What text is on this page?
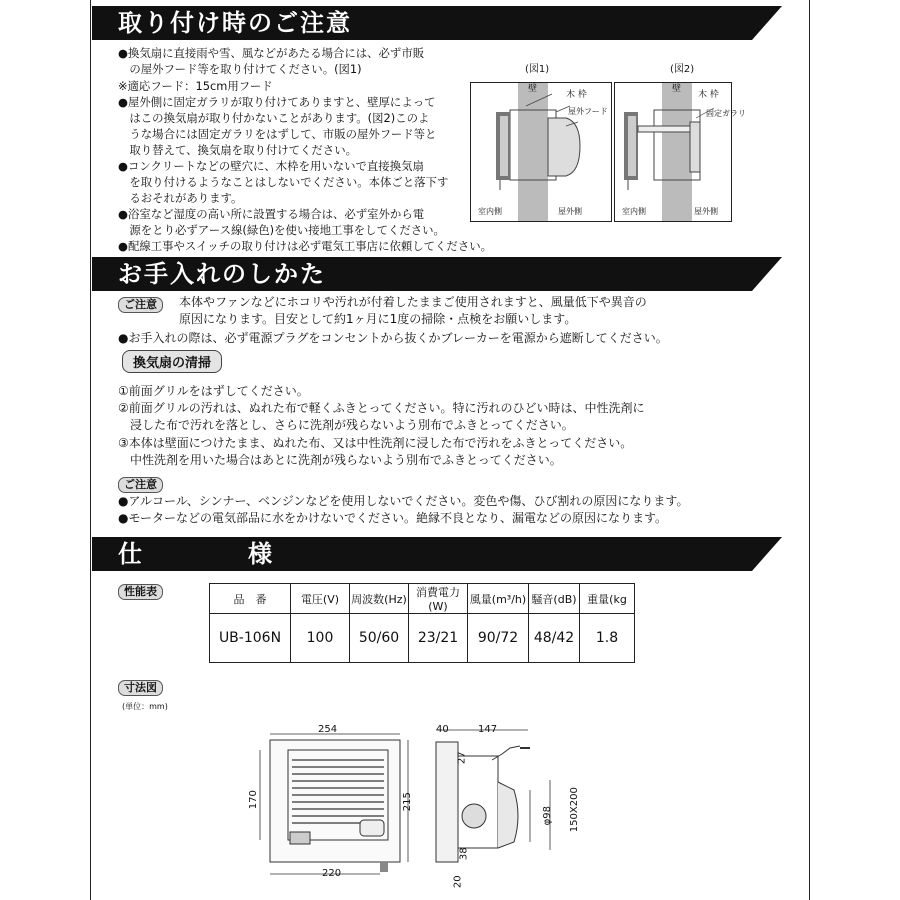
取り付け時のご注意
●換気扇に直接雨や雪、風などがあたる場合には、必ず市販
　の屋外フード等を取り付けてください。(図1)
※適応フード：15cm用フード
●屋外側に固定ガラリが取り付けてありますと、壁厚によって
　はこの換気扇が取り付かないことがあります。(図2)このよ
　うな場合には固定ガラリをはずして、市販の屋外フード等と
　取り替えて、換気扇を取り付けてください。
●コンクリートなどの壁穴に、木枠を用いないで直接換気扇
　を取り付けるようなことはしないでください。本体ごと落下す
　るおそれがあります。
●浴室など湿度の高い所に設置する場合は、必ず室外から電
　源をとり必ずアース線(緑色)を使い接地工事をしてください。
●配線工事やスイッチの取り付けは必ず電気工事店に依頼してください。
(図1)
壁
木 枠
屋外フード
室内側	屋外側
(図2)
壁
木 枠
固定ガラリ
室内側	屋外側
お手入れのしかた
ご注意	本体やファンなどにホコリや汚れが付着したままご使用されますと、風量低下や異音の
原因になります。目安として約1ヶ月に1度の掃除・点検をお願いします。
●お手入れの際は、必ず電源プラグをコンセントから抜くかブレーカーを電源から遮断してください。
換気扇の清掃
①前面グリルをはずしてください。
②前面グリルの汚れは、ぬれた布で軽くふきとってください。特に汚れのひどい時は、中性洗剤に
　浸した布で汚れを落とし、さらに洗剤が残らないよう別布でふきとってください。
③本体は壁面につけたまま、ぬれた布、又は中性洗剤に浸した布で汚れをふきとってください。
　中性洗剤を用いた場合はあとに洗剤が残らないよう別布でふきとってください。
ご注意
●アルコール、シンナー、ベンジンなどを使用しないでください。変色や傷、ひび割れの原因になります。
●モーターなどの電気部品に水をかけないでください。絶縁不良となり、漏電などの原因になります。
仕　　　　様
性能表
品　番	電圧(V)	周波数(Hz)	消費電力(W)	風量(m³/h)	騒音(dB)	重量(kg
UB-106N	100	50/60	23/21	90/72	48/42	1.8
寸法図
(単位：mm)
254
170	215
220
40	147
27
38
20
φ98 150X200
